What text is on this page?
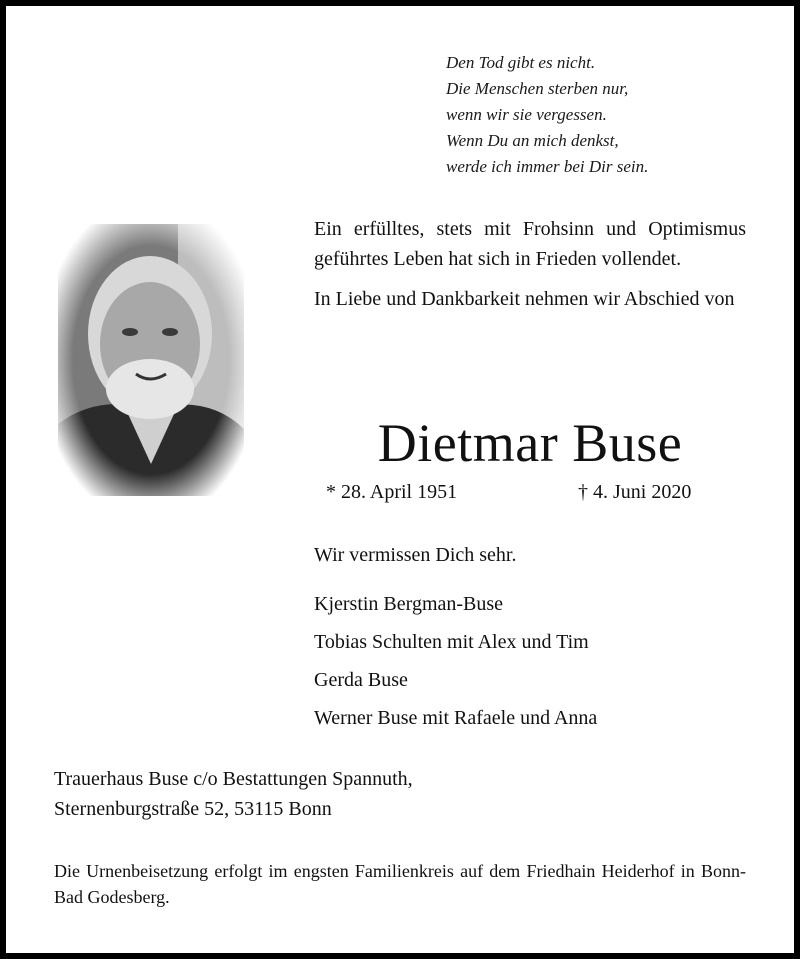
Den Tod gibt es nicht.
Die Menschen sterben nur,
wenn wir sie vergessen.
Wenn Du an mich denkst,
werde ich immer bei Dir sein.

Ein erfülltes, stets mit Frohsinn und Optimismus geführtes Leben hat sich in Frieden vollendet.

In Liebe und Dankbarkeit nehmen wir Abschied von

Dietmar Buse
* 28. April 1951	† 4. Juni 2020
Wir vermissen Dich sehr.
Kjerstin Bergman-Buse
Tobias Schulten mit Alex und Tim
Gerda Buse
Werner Buse mit Rafaele und Anna
Trauerhaus Buse c/o Bestattungen Spannuth,
Sternenburgstraße 52, 53115 Bonn
Die Urnenbeisetzung erfolgt im engsten Familienkreis auf dem Friedhain Heiderhof in Bonn-Bad Godesberg.
